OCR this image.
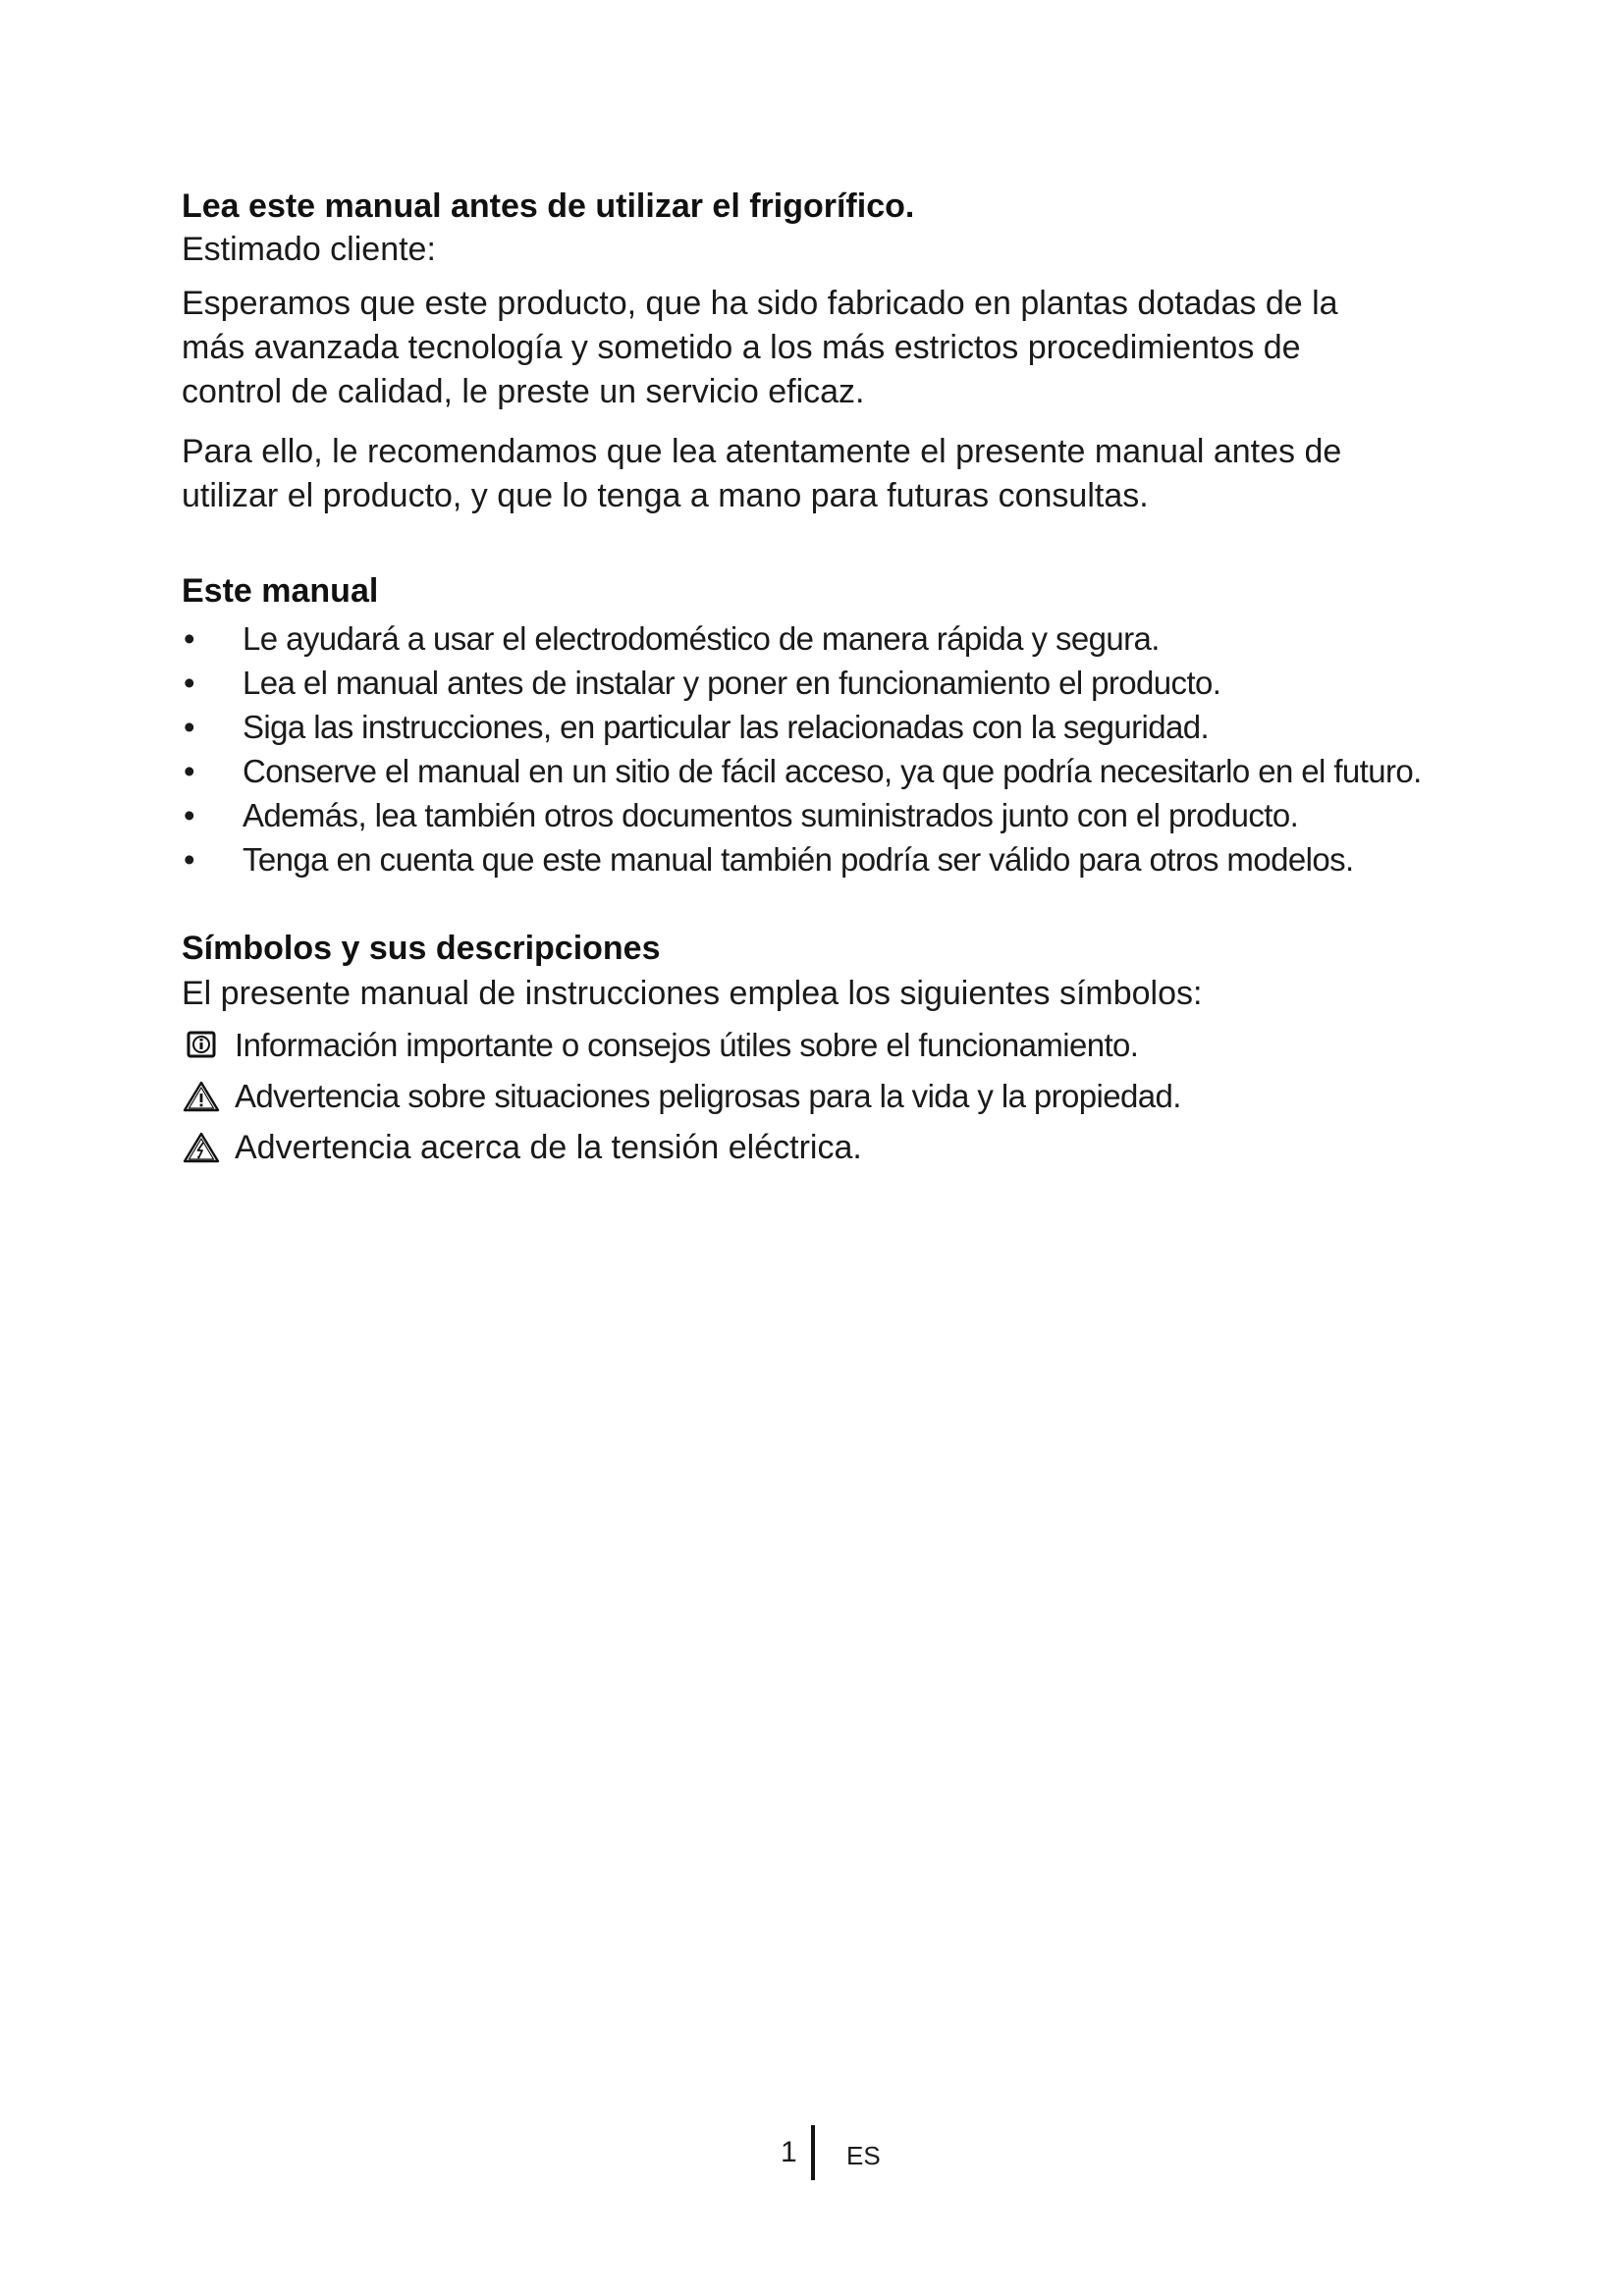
Lea este manual antes de utilizar el frigorífico.

Estimado cliente:

Esperamos que este producto, que ha sido fabricado en plantas dotadas de la más avanzada tecnología y sometido a los más estrictos procedimientos de control de calidad, le preste un servicio eficaz.

Para ello, le recomendamos que lea atentamente el presente manual antes de utilizar el producto, y que lo tenga a mano para futuras consultas.

Este manual
•	Le ayudará a usar el electrodoméstico de manera rápida y segura.
•	Lea el manual antes de instalar y poner en funcionamiento el producto.
•	Siga las instrucciones, en particular las relacionadas con la seguridad.
•	Conserve el manual en un sitio de fácil acceso, ya que podría necesitarlo en el futuro.
•	Además, lea también otros documentos suministrados junto con el producto.
•	Tenga en cuenta que este manual también podría ser válido para otros modelos.
Símbolos y sus descripciones

El presente manual de instrucciones emplea los siguientes símbolos:

Información importante o consejos útiles sobre el funcionamiento.
Advertencia sobre situaciones peligrosas para la vida y la propiedad.
Advertencia acerca de la tensión eléctrica.
1 ES
